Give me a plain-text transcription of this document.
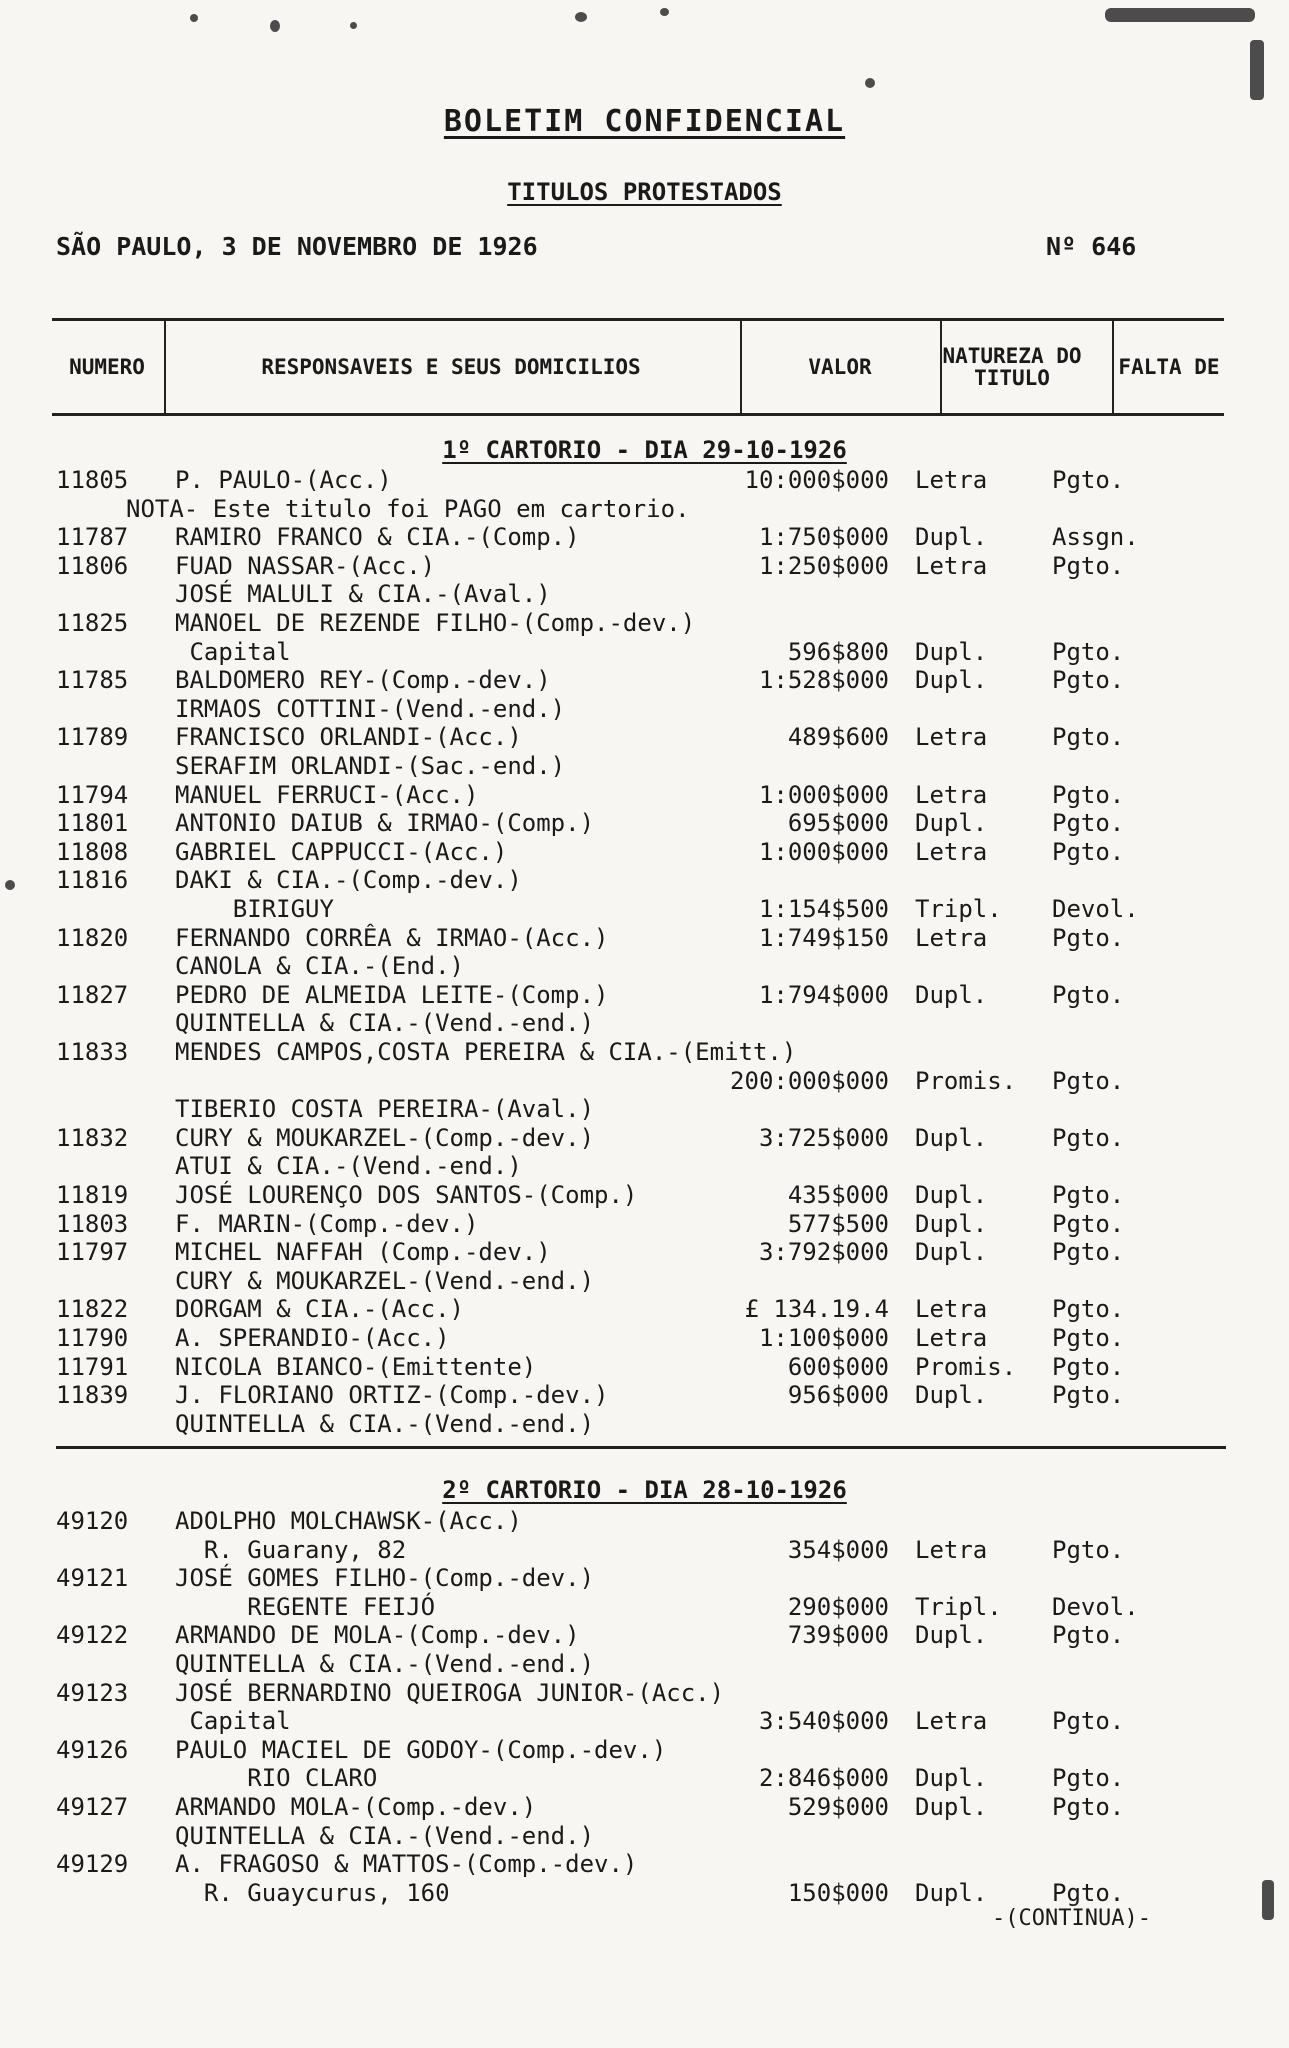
BOLETIM CONFIDENCIAL
TITULOS PROTESTADOS
SÃO PAULO, 3 DE NOVEMBRO DE 1926	Nº 646
NUMERO	RESPONSAVEIS E SEUS DOMICILIOS	VALOR	NATUREZA DO TITULO	FALTA DE
1º CARTORIO - DIA 29-10-1926
11805 P. PAULO-(Acc.)	10:000$000 Letra	Pgto.
NOTA- Este titulo foi PAGO em cartorio.
11787 RAMIRO FRANCO & CIA.-(Comp.)	1:750$000 Dupl.	Assgn.
11806 FUAD NASSAR-(Acc.)	1:250$000 Letra	Pgto.
JOSÉ MALULI & CIA.-(Aval.)
11825 MANOEL DE REZENDE FILHO-(Comp.-dev.)
Capital	596$800 Dupl.	Pgto.
11785 BALDOMERO REY-(Comp.-dev.)	1:528$000 Dupl.	Pgto.
IRMAOS COTTINI-(Vend.-end.)
11789 FRANCISCO ORLANDI-(Acc.)	489$600 Letra	Pgto.
SERAFIM ORLANDI-(Sac.-end.)
11794 MANUEL FERRUCI-(Acc.)	1:000$000 Letra	Pgto.
11801 ANTONIO DAIUB & IRMAO-(Comp.)	695$000 Dupl.	Pgto.
11808 GABRIEL CAPPUCCI-(Acc.)	1:000$000 Letra	Pgto.
11816 DAKI & CIA.-(Comp.-dev.)
BIRIGUY	1:154$500 Tripl. Devol.
11820 FERNANDO CORRÊA & IRMAO-(Acc.)	1:749$150 Letra	Pgto.
CANOLA & CIA.-(End.)
11827 PEDRO DE ALMEIDA LEITE-(Comp.)	1:794$000 Dupl.	Pgto.
QUINTELLA & CIA.-(Vend.-end.)
11833 MENDES CAMPOS,COSTA PEREIRA & CIA.-(Emitt.)
200:000$000 Promis. Pgto.
TIBERIO COSTA PEREIRA-(Aval.)
11832 CURY & MOUKARZEL-(Comp.-dev.)	3:725$000 Dupl.	Pgto.
ATUI & CIA.-(Vend.-end.)
11819 JOSÉ LOURENÇO DOS SANTOS-(Comp.)	435$000 Dupl.	Pgto.
11803 F. MARIN-(Comp.-dev.)	577$500 Dupl.	Pgto.
11797 MICHEL NAFFAH (Comp.-dev.)	3:792$000 Dupl.	Pgto.
CURY & MOUKARZEL-(Vend.-end.)
11822 DORGAM & CIA.-(Acc.)	£ 134.19.4 Letra	Pgto.
11790 A. SPERANDIO-(Acc.)	1:100$000 Letra	Pgto.
11791 NICOLA BIANCO-(Emittente)	600$000 Promis. Pgto.
11839 J. FLORIANO ORTIZ-(Comp.-dev.)	956$000 Dupl.	Pgto.
QUINTELLA & CIA.-(Vend.-end.)
2º CARTORIO - DIA 28-10-1926
49120 ADOLPHO MOLCHAWSK-(Acc.)
R. Guarany, 82	354$000 Letra	Pgto.
49121 JOSÉ GOMES FILHO-(Comp.-dev.)
REGENTE FEIJÓ	290$000 Tripl. Devol.
49122 ARMANDO DE MOLA-(Comp.-dev.)	739$000 Dupl.	Pgto.
QUINTELLA & CIA.-(Vend.-end.)
49123 JOSÉ BERNARDINO QUEIROGA JUNIOR-(Acc.)
Capital	3:540$000 Letra	Pgto.
49126 PAULO MACIEL DE GODOY-(Comp.-dev.)
RIO CLARO	2:846$000 Dupl.	Pgto.
49127 ARMANDO MOLA-(Comp.-dev.)	529$000 Dupl.	Pgto.
QUINTELLA & CIA.-(Vend.-end.)
49129 A. FRAGOSO & MATTOS-(Comp.-dev.)
R. Guaycurus, 160	150$000 Dupl.	Pgto.
-(CONTINUA)-
